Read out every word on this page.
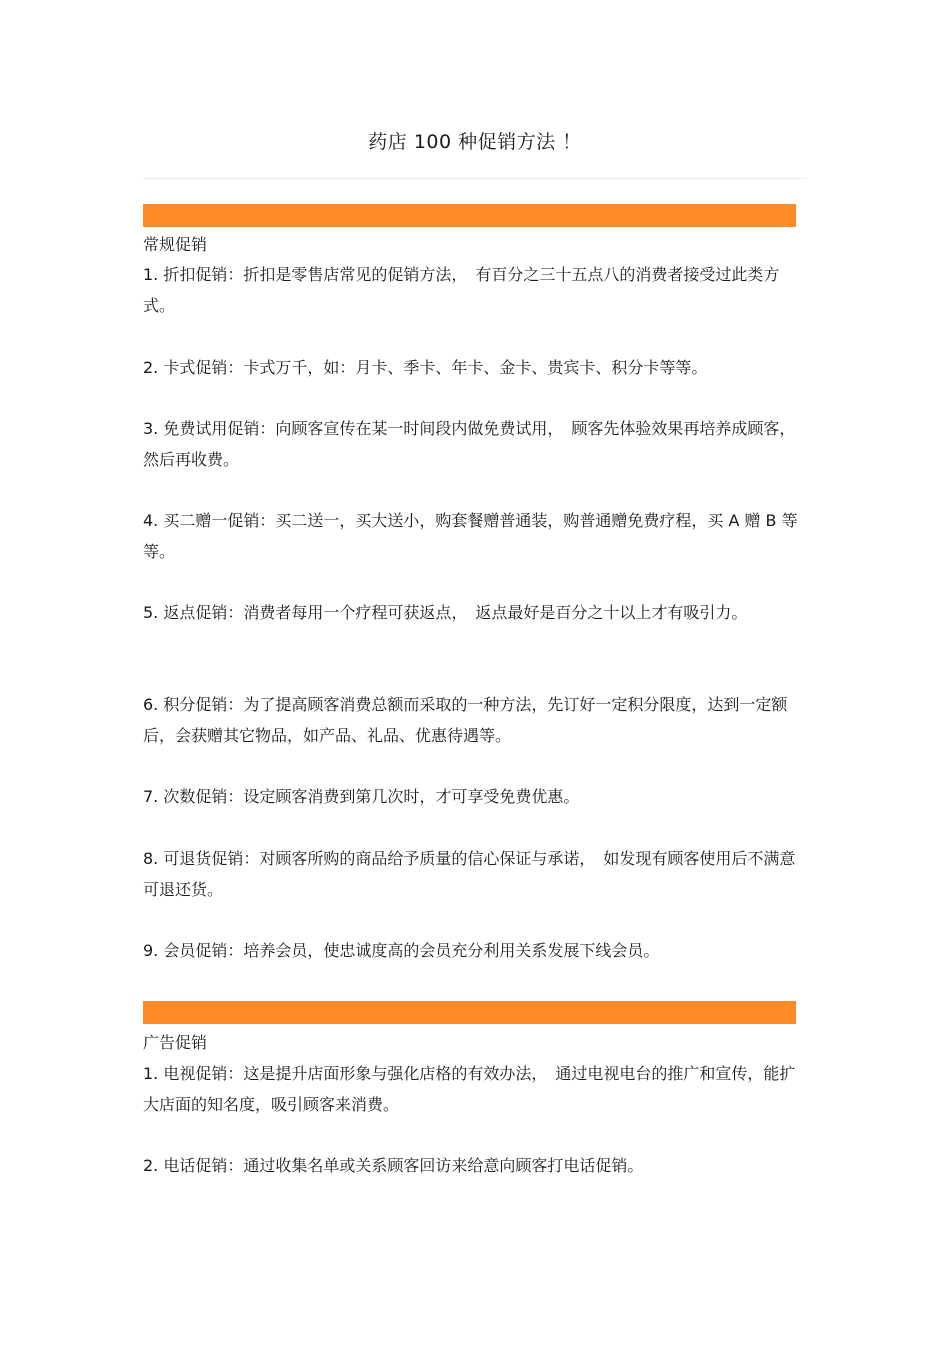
药店 100 种促销方法 ！
常规促销
1. 折扣促销：折扣是零售店常见的促销方法，　有百分之三十五点八的消费者接受过此类方式。
2. 卡式促销：卡式万千，如：月卡、季卡、年卡、金卡、贵宾卡、积分卡等等。
3. 免费试用促销：向顾客宣传在某一时间段内做免费试用，　顾客先体验效果再培养成顾客，然后再收费。
4. 买二赠一促销：买二送一，买大送小，购套餐赠普通装，购普通赠免费疗程，买 A 赠 B 等等。
5. 返点促销：消费者每用一个疗程可获返点，　返点最好是百分之十以上才有吸引力。
6. 积分促销：为了提高顾客消费总额而采取的一种方法，先订好一定积分限度，达到一定额后，会获赠其它物品，如产品、礼品、优惠待遇等。
7. 次数促销：设定顾客消费到第几次时，才可享受免费优惠。
8. 可退货促销：对顾客所购的商品给予质量的信心保证与承诺，　如发现有顾客使用后不满意可退还货。
9. 会员促销：培养会员，使忠诚度高的会员充分利用关系发展下线会员。
广告促销
1. 电视促销：这是提升店面形象与强化店格的有效办法，　通过电视电台的推广和宣传，能扩大店面的知名度，吸引顾客来消费。
2. 电话促销：通过收集名单或关系顾客回访来给意向顾客打电话促销。
